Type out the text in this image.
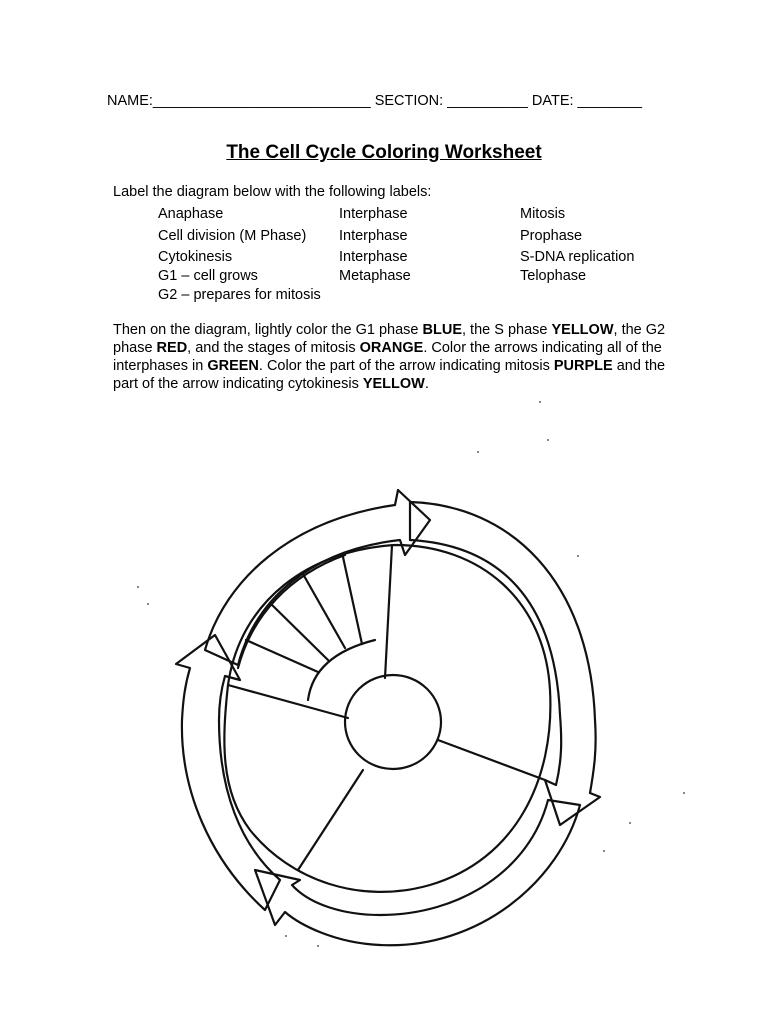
NAME:___________________________ SECTION: __________ DATE: ________
The Cell Cycle Coloring Worksheet
Label the diagram below with the following labels:
Anaphase
Cell division (M Phase)
Cytokinesis
G1 – cell grows
G2 – prepares for mitosis
Interphase
Interphase
Interphase
Metaphase
Mitosis
Prophase
S-DNA replication
Telophase
Then on the diagram, lightly color the G1 phase BLUE, the S phase YELLOW, the G2 phase RED, and the stages of mitosis ORANGE. Color the arrows indicating all of the interphases in GREEN. Color the part of the arrow indicating mitosis PURPLE and the part of the arrow indicating cytokinesis YELLOW.
